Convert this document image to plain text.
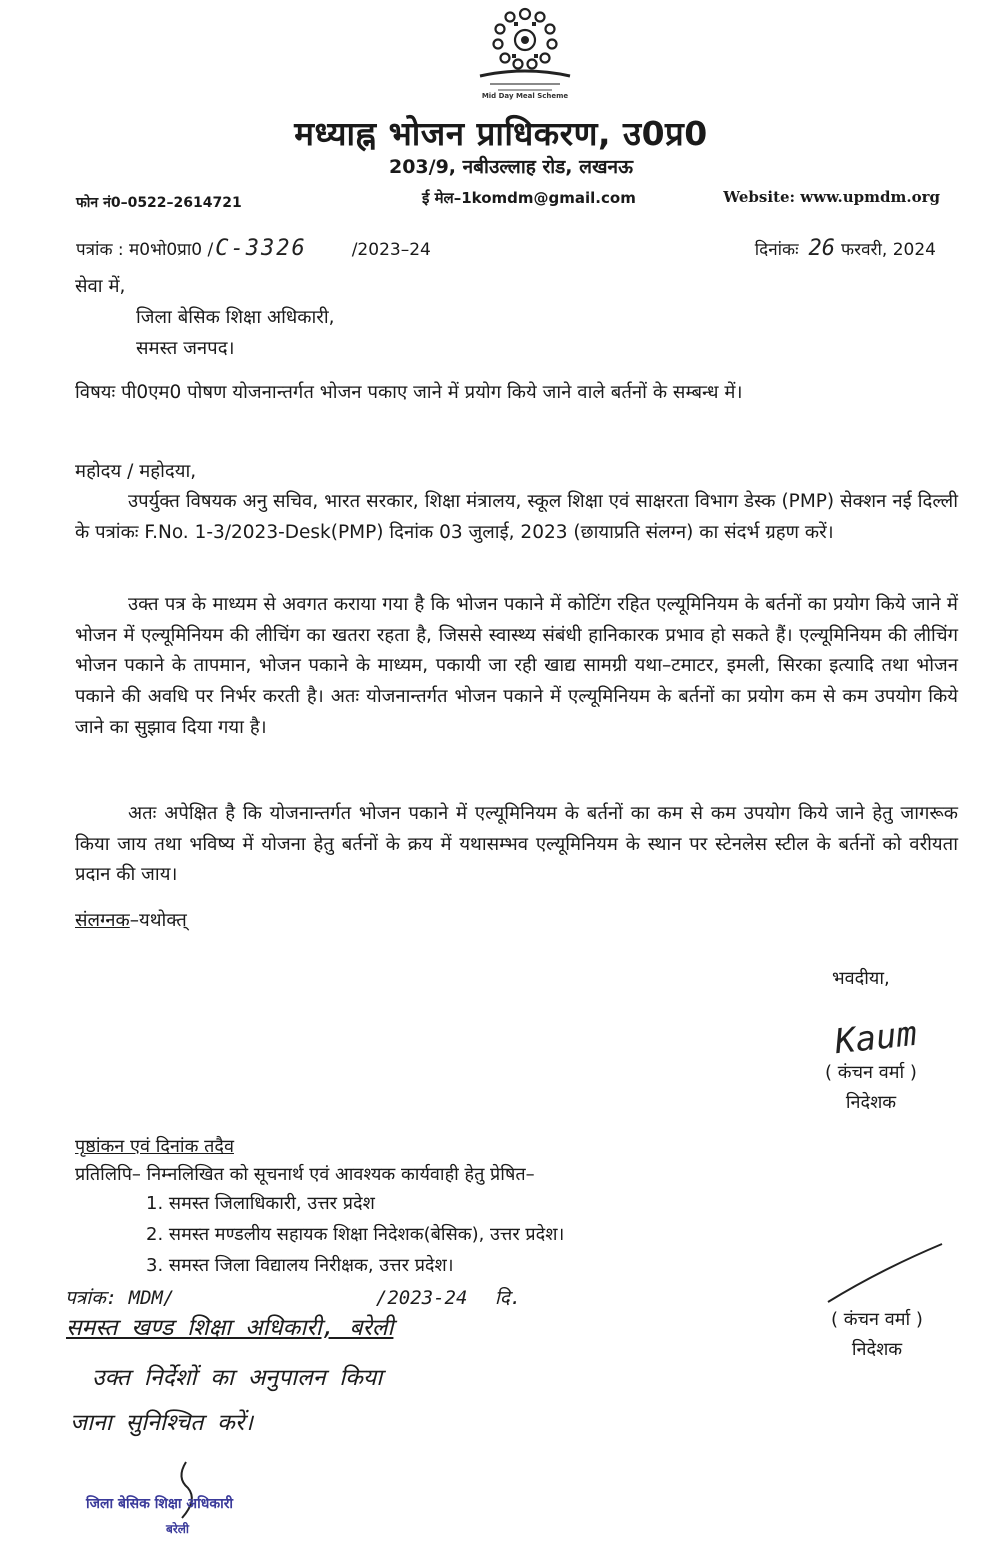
Mid Day Meal Scheme
मध्याह्न भोजन प्राधिकरण, उ0प्र0
203/9, नबीउल्लाह रोड, लखनऊ
फोन नं0–0522–2614721	ई मेल–1komdm@gmail.com	Website: www.upmdm.org
पत्रांक : म0भो0प्रा0 /C-3326	/2023–24	दिनांकः 26 फरवरी, 2024
सेवा में,
जिला बेसिक शिक्षा अधिकारी,
समस्त जनपद।
विषयः पी0एम0 पोषण योजनान्तर्गत भोजन पकाए जाने में प्रयोग किये जाने वाले बर्तनों के सम्बन्ध में।
महोदय / महोदया,
उपर्युक्त विषयक अनु सचिव, भारत सरकार, शिक्षा मंत्रालय, स्कूल शिक्षा एवं साक्षरता विभाग डेस्क (PMP) सेक्शन नई दिल्ली के पत्रांकः F.No. 1-3/2023-Desk(PMP) दिनांक 03 जुलाई, 2023 (छायाप्रति संलग्न) का संदर्भ ग्रहण करें।
उक्त पत्र के माध्यम से अवगत कराया गया है कि भोजन पकाने में कोटिंग रहित एल्यूमिनियम के बर्तनों का प्रयोग किये जाने में भोजन में एल्यूमिनियम की लीचिंग का खतरा रहता है, जिससे स्वास्थ्य संबंधी हानिकारक प्रभाव हो सकते हैं। एल्यूमिनियम की लीचिंग भोजन पकाने के तापमान, भोजन पकाने के माध्यम, पकायी जा रही खाद्य सामग्री यथा–टमाटर, इमली, सिरका इत्यादि तथा भोजन पकाने की अवधि पर निर्भर करती है। अतः योजनान्तर्गत भोजन पकाने में एल्यूमिनियम के बर्तनों का प्रयोग कम से कम उपयोग किये जाने का सुझाव दिया गया है।
अतः अपेक्षित है कि योजनान्तर्गत भोजन पकाने में एल्यूमिनियम के बर्तनों का कम से कम उपयोग किये जाने हेतु जागरूक किया जाय तथा भविष्य में योजना हेतु बर्तनों के क्रय में यथासम्भव एल्यूमिनियम के स्थान पर स्टेनलेस स्टील के बर्तनों को वरीयता प्रदान की जाय।
संलग्नक–यथोक्त्
भवदीया,
Kaum
( कंचन वर्मा )
निदेशक
पृष्ठांकन एवं दिनांक तदैव
प्रतिलिपि– निम्नलिखित को सूचनार्थ एवं आवश्यक कार्यवाही हेतु प्रेषित–
1. समस्त जिलाधिकारी, उत्तर प्रदेश
2. समस्त मण्डलीय सहायक शिक्षा निदेशक(बेसिक), उत्तर प्रदेश।
3. समस्त जिला विद्यालय निरीक्षक, उत्तर प्रदेश।
( कंचन वर्मा )
निदेशक
पत्रांक: MDM/	/2023-24 दि.
समस्त खण्ड शिक्षा अधिकारी, बरेली
उक्त निर्देशों का अनुपालन किया
जाना सुनिश्चित करें।
जिला बेसिक शिक्षा अधिकारी
बरेली
